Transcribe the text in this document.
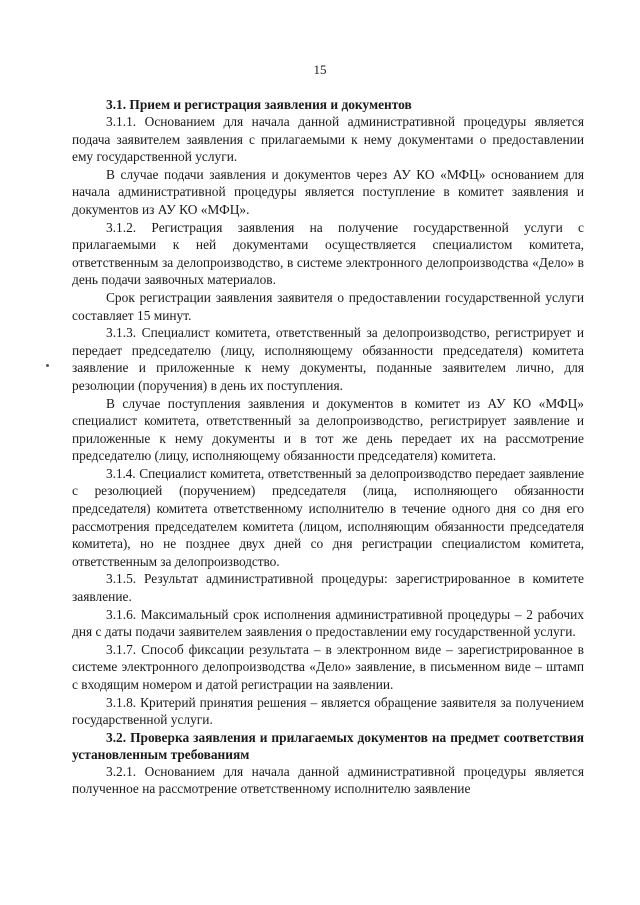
15

3.1. Прием и регистрация заявления и документов

3.1.1. Основанием для начала данной административной процедуры является подача заявителем заявления с прилагаемыми к нему документами о предоставлении ему государственной услуги.

В случае подачи заявления и документов через АУ КО «МФЦ» основанием для начала административной процедуры является поступление в комитет заявления и документов из АУ КО «МФЦ».

3.1.2. Регистрация заявления на получение государственной услуги с прилагаемыми к ней документами осуществляется специалистом комитета, ответственным за делопроизводство, в системе электронного делопроизводства «Дело» в день подачи заявочных материалов.

Срок регистрации заявления заявителя о предоставлении государственной услуги составляет 15 минут.

3.1.3. Специалист комитета, ответственный за делопроизводство, регистрирует и передает председателю (лицу, исполняющему обязанности председателя) комитета заявление и приложенные к нему документы, поданные заявителем лично, для резолюции (поручения) в день их поступления.

В случае поступления заявления и документов в комитет из АУ КО «МФЦ» специалист комитета, ответственный за делопроизводство, регистрирует заявление и приложенные к нему документы и в тот же день передает их на рассмотрение председателю (лицу, исполняющему обязанности председателя) комитета.

3.1.4. Специалист комитета, ответственный за делопроизводство передает заявление с резолюцией (поручением) председателя (лица, исполняющего обязанности председателя) комитета ответственному исполнителю в течение одного дня со дня его рассмотрения председателем комитета (лицом, исполняющим обязанности председателя комитета), но не позднее двух дней со дня регистрации специалистом комитета, ответственным за делопроизводство.

3.1.5. Результат административной процедуры: зарегистрированное в комитете заявление.

3.1.6. Максимальный срок исполнения административной процедуры – 2 рабочих дня с даты подачи заявителем заявления о предоставлении ему государственной услуги.

3.1.7. Способ фиксации результата – в электронном виде – зарегистрированное в системе электронного делопроизводства «Дело» заявление, в письменном виде – штамп с входящим номером и датой регистрации на заявлении.

3.1.8. Критерий принятия решения – является обращение заявителя за получением государственной услуги.

3.2. Проверка заявления и прилагаемых документов на предмет соответствия установленным требованиям

3.2.1. Основанием для начала данной административной процедуры является полученное на рассмотрение ответственному исполнителю заявление
